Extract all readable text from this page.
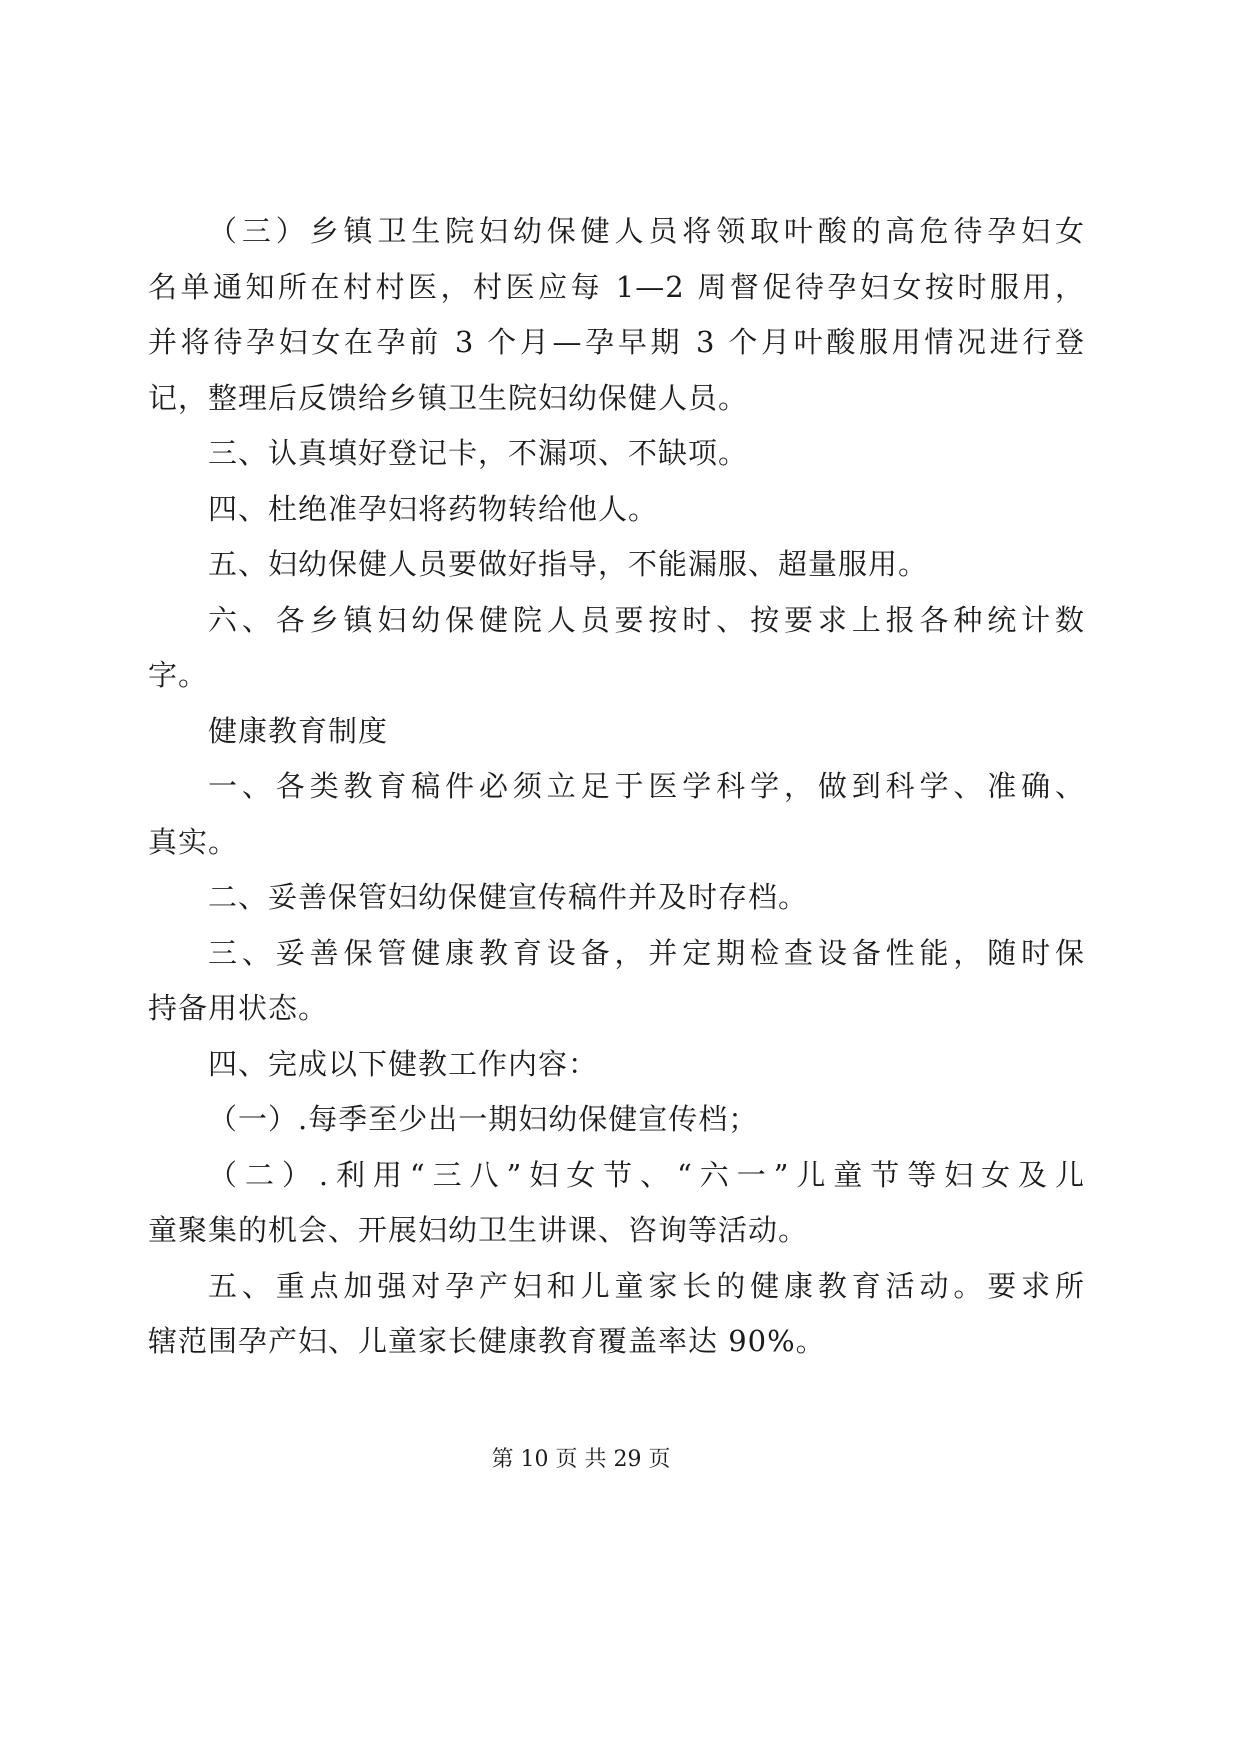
（三）乡镇卫生院妇幼保健人员将领取叶酸的高危待孕妇女
名单通知所在村村医，村医应每 1—2 周督促待孕妇女按时服用，
并将待孕妇女在孕前 3 个月—孕早期 3 个月叶酸服用情况进行登
记，整理后反馈给乡镇卫生院妇幼保健人员。
三、认真填好登记卡，不漏项、不缺项。
四、杜绝准孕妇将药物转给他人。
五、妇幼保健人员要做好指导，不能漏服、超量服用。
六、各乡镇妇幼保健院人员要按时、按要求上报各种统计数
字。
健康教育制度
一、各类教育稿件必须立足于医学科学，做到科学、准确、
真实。
二、妥善保管妇幼保健宣传稿件并及时存档。
三、妥善保管健康教育设备，并定期检查设备性能，随时保
持备用状态。
四、完成以下健教工作内容：
（一）.每季至少出一期妇幼保健宣传档；
（二）.利用“三八”妇女节、“六一”儿童节等妇女及儿
童聚集的机会、开展妇幼卫生讲课、咨询等活动。
五、重点加强对孕产妇和儿童家长的健康教育活动。要求所
辖范围孕产妇、儿童家长健康教育覆盖率达 90%。
第 10 页 共 29 页
